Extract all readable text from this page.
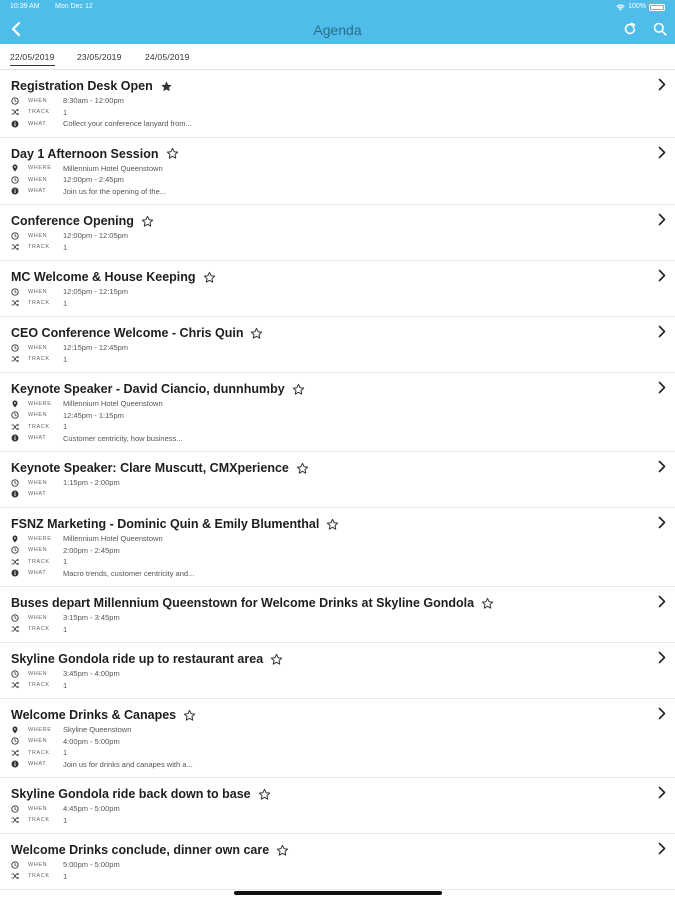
10:39 AM Mon Dec 12	100%
Agenda
22/05/2019	23/05/2019	24/05/2019
Registration Desk Open
WHEN 8:30am - 12:00pm
TRACK 1
WHAT Collect your conference lanyard from...
Day 1 Afternoon Session
WHERE Millennium Hotel Queenstown
WHEN 12:00pm - 2:45pm
WHAT Join us for the opening of the...
Conference Opening
WHEN 12:00pm - 12:05pm
TRACK 1
MC Welcome & House Keeping
WHEN 12:05pm - 12:15pm
TRACK 1
CEO Conference Welcome - Chris Quin
WHEN 12:15pm - 12:45pm
TRACK 1
Keynote Speaker - David Ciancio, dunnhumby
WHERE Millennium Hotel Queenstown
WHEN 12:45pm - 1:15pm
TRACK 1
WHAT Customer centricity, how business...
Keynote Speaker: Clare Muscutt, CMXperience
WHEN 1:15pm - 2:00pm
WHAT
FSNZ Marketing - Dominic Quin & Emily Blumenthal
WHERE Millennium Hotel Queenstown
WHEN 2:00pm - 2:45pm
TRACK 1
WHAT Macro trends, customer centricity and...
Buses depart Millennium Queenstown for Welcome Drinks at Skyline Gondola
WHEN 3:15pm - 3:45pm
TRACK 1
Skyline Gondola ride up to restaurant area
WHEN 3:45pm - 4:00pm
TRACK 1
Welcome Drinks & Canapes
WHERE Skyline Queenstown
WHEN 4:00pm - 5:00pm
TRACK 1
WHAT Join us for drinks and canapes with a...
Skyline Gondola ride back down to base
WHEN 4:45pm - 5:00pm
TRACK 1
Welcome Drinks conclude, dinner own care
WHEN 5:00pm - 5:00pm
TRACK 1
